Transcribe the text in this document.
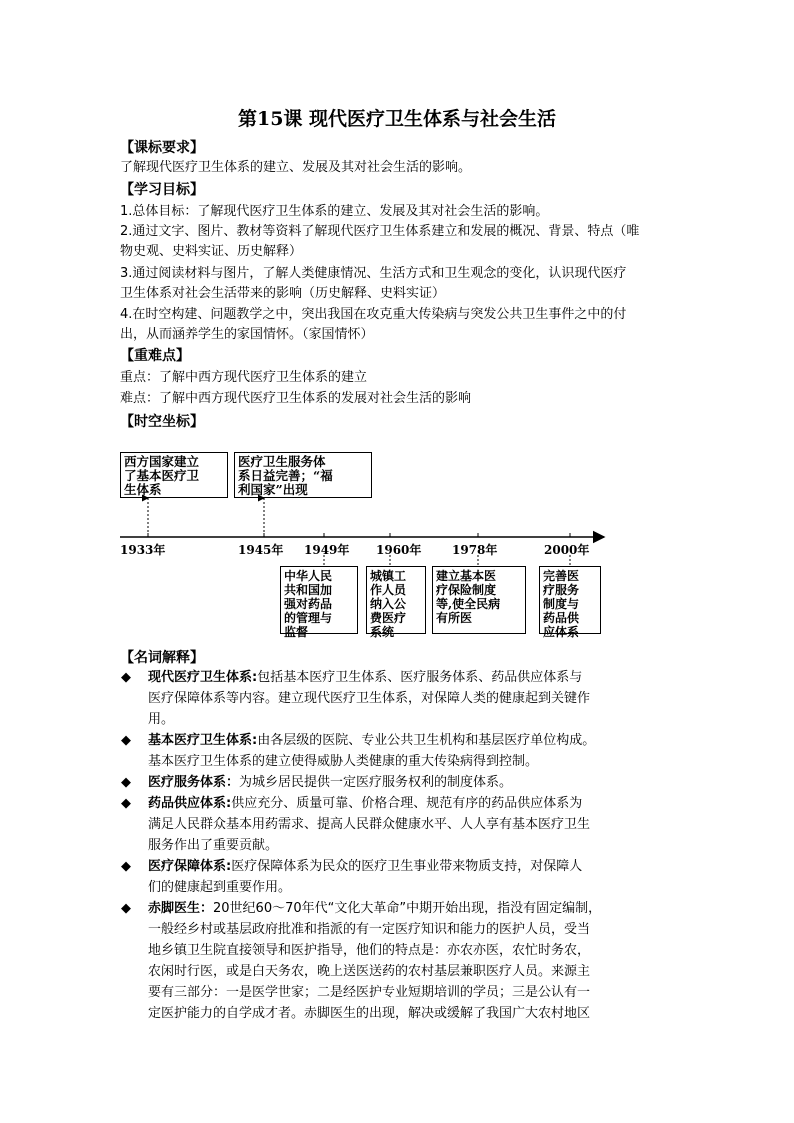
第15课 现代医疗卫生体系与社会生活
【课标要求】
了解现代医疗卫生体系的建立、发展及其对社会生活的影响。
【学习目标】
1.总体目标：了解现代医疗卫生体系的建立、发展及其对社会生活的影响。
2.通过文字、图片、教材等资料了解现代医疗卫生体系建立和发展的概况、背景、特点（唯
物史观、史料实证、历史解释）
3.通过阅读材料与图片，了解人类健康情况、生活方式和卫生观念的变化，认识现代医疗
卫生体系对社会生活带来的影响（历史解释、史料实证）
4.在时空构建、问题教学之中，突出我国在攻克重大传染病与突发公共卫生事件之中的付
出，从而涵养学生的家国情怀。（家国情怀）
【重难点】
重点：了解中西方现代医疗卫生体系的建立
难点：了解中西方现代医疗卫生体系的发展对社会生活的影响
【时空坐标】
西方国家建立
了基本医疗卫
生体系
医疗卫生服务体
系日益完善；“福
利国家”出现
1933年	1945年 1949年 1960年	1978年	2000年
中华人民
共和国加
强对药品
的管理与
监督
城镇工
作人员
纳入公
费医疗
系统
建立基本医
疗保险制度
等,使全民病
有所医
完善医
疗服务
制度与
药品供
应体系
【名词解释】
◆ 现代医疗卫生体系:包括基本医疗卫生体系、医疗服务体系、药品供应体系与
医疗保障体系等内容。建立现代医疗卫生体系，对保障人类的健康起到关键作
用。
◆ 基本医疗卫生体系:由各层级的医院、专业公共卫生机构和基层医疗单位构成。
基本医疗卫生体系的建立使得威胁人类健康的重大传染病得到控制。
◆ 医疗服务体系：为城乡居民提供一定医疗服务权利的制度体系。
◆ 药品供应体系:供应充分、质量可靠、价格合理、规范有序的药品供应体系为
满足人民群众基本用药需求、提高人民群众健康水平、人人享有基本医疗卫生
服务作出了重要贡献。
◆ 医疗保障体系:医疗保障体系为民众的医疗卫生事业带来物质支持，对保障人
们的健康起到重要作用。
◆ 赤脚医生：20世纪60～70年代“文化大革命”中期开始出现，指没有固定编制，
一般经乡村或基层政府批准和指派的有一定医疗知识和能力的医护人员，受当
地乡镇卫生院直接领导和医护指导，他们的特点是：亦农亦医，农忙时务农，
农闲时行医，或是白天务农，晚上送医送药的农村基层兼职医疗人员。来源主
要有三部分：一是医学世家；二是经医护专业短期培训的学员；三是公认有一
定医护能力的自学成才者。赤脚医生的出现，解决或缓解了我国广大农村地区
